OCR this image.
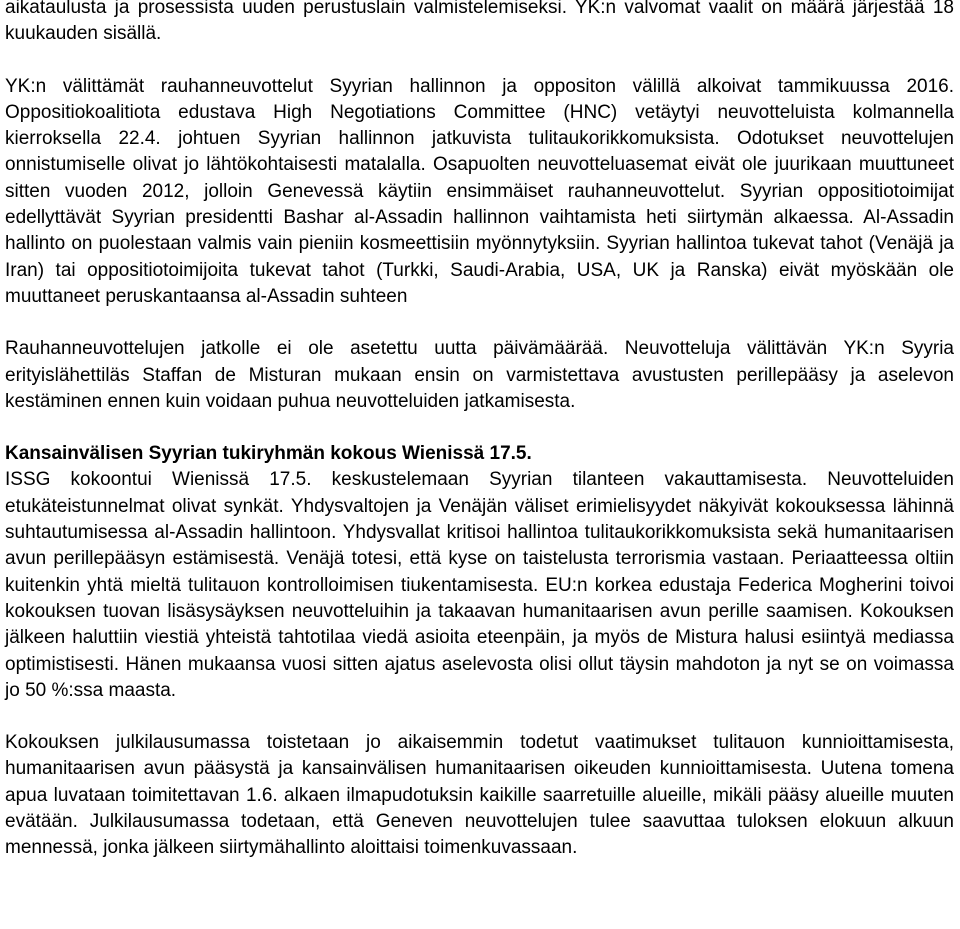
aikataulusta ja prosessista uuden perustuslain valmistelemiseksi. YK:n valvomat vaalit on määrä järjestää 18 kuukauden sisällä.

YK:n välittämät rauhanneuvottelut Syyrian hallinnon ja oppositon välillä alkoivat tammikuussa 2016. Oppositiokoalitiota edustava High Negotiations Committee (HNC) vetäytyi neuvotteluista kolmannella kierroksella 22.4. johtuen Syyrian hallinnon jatkuvista tulitaukorikkomuksista. Odotukset neuvottelujen onnistumiselle olivat jo lähtökohtaisesti matalalla. Osapuolten neuvotteluasemat eivät ole juurikaan muuttuneet sitten vuoden 2012, jolloin Genevessä käytiin ensimmäiset rauhanneuvottelut. Syyrian oppositiotoimijat edellyttävät Syyrian presidentti Bashar al-Assadin hallinnon vaihtamista heti siirtymän alkaessa. Al-Assadin hallinto on puolestaan valmis vain pieniin kosmeettisiin myönnytyksiin. Syyrian hallintoa tukevat tahot (Venäjä ja Iran) tai oppositiotoimijoita tukevat tahot (Turkki, Saudi-Arabia, USA, UK ja Ranska) eivät myöskään ole muuttaneet peruskantaansa al-Assadin suhteen

Rauhanneuvottelujen jatkolle ei ole asetettu uutta päivämäärää. Neuvotteluja välittävän YK:n Syyria erityislähettiläs Staffan de Misturan mukaan ensin on varmistettava avustusten perillepääsy ja aselevon kestäminen ennen kuin voidaan puhua neuvotteluiden jatkamisesta.

Kansainvälisen Syyrian tukiryhmän kokous Wienissä 17.5.

ISSG kokoontui Wienissä 17.5. keskustelemaan Syyrian tilanteen vakauttamisesta. Neuvotteluiden etukäteistunnelmat olivat synkät. Yhdysvaltojen ja Venäjän väliset erimielisyydet näkyivät kokouksessa lähinnä suhtautumisessa al-Assadin hallintoon. Yhdysvallat kritisoi hallintoa tulitaukorikkomuksista sekä humanitaarisen avun perillepääsyn estämisestä. Venäjä totesi, että kyse on taistelusta terrorismia vastaan. Periaatteessa oltiin kuitenkin yhtä mieltä tulitauon kontrolloimisen tiukentamisesta. EU:n korkea edustaja Federica Mogherini toivoi kokouksen tuovan lisäsysäyksen neuvotteluihin ja takaavan humanitaarisen avun perille saamisen. Kokouksen jälkeen haluttiin viestiä yhteistä tahtotilaa viedä asioita eteenpäin, ja myös de Mistura halusi esiintyä mediassa optimistisesti. Hänen mukaansa vuosi sitten ajatus aselevosta olisi ollut täysin mahdoton ja nyt se on voimassa jo 50 %:ssa maasta.

Kokouksen julkilausumassa toistetaan jo aikaisemmin todetut vaatimukset tulitauon kunnioittamisesta, humanitaarisen avun pääsystä ja kansainvälisen humanitaarisen oikeuden kunnioittamisesta. Uutena tomena apua luvataan toimitettavan 1.6. alkaen ilmapudotuksin kaikille saarretuille alueille, mikäli pääsy alueille muuten evätään. Julkilausumassa todetaan, että Geneven neuvottelujen tulee saavuttaa tuloksen elokuun alkuun mennessä, jonka jälkeen siirtymähallinto aloittaisi toimenkuvassaan.
